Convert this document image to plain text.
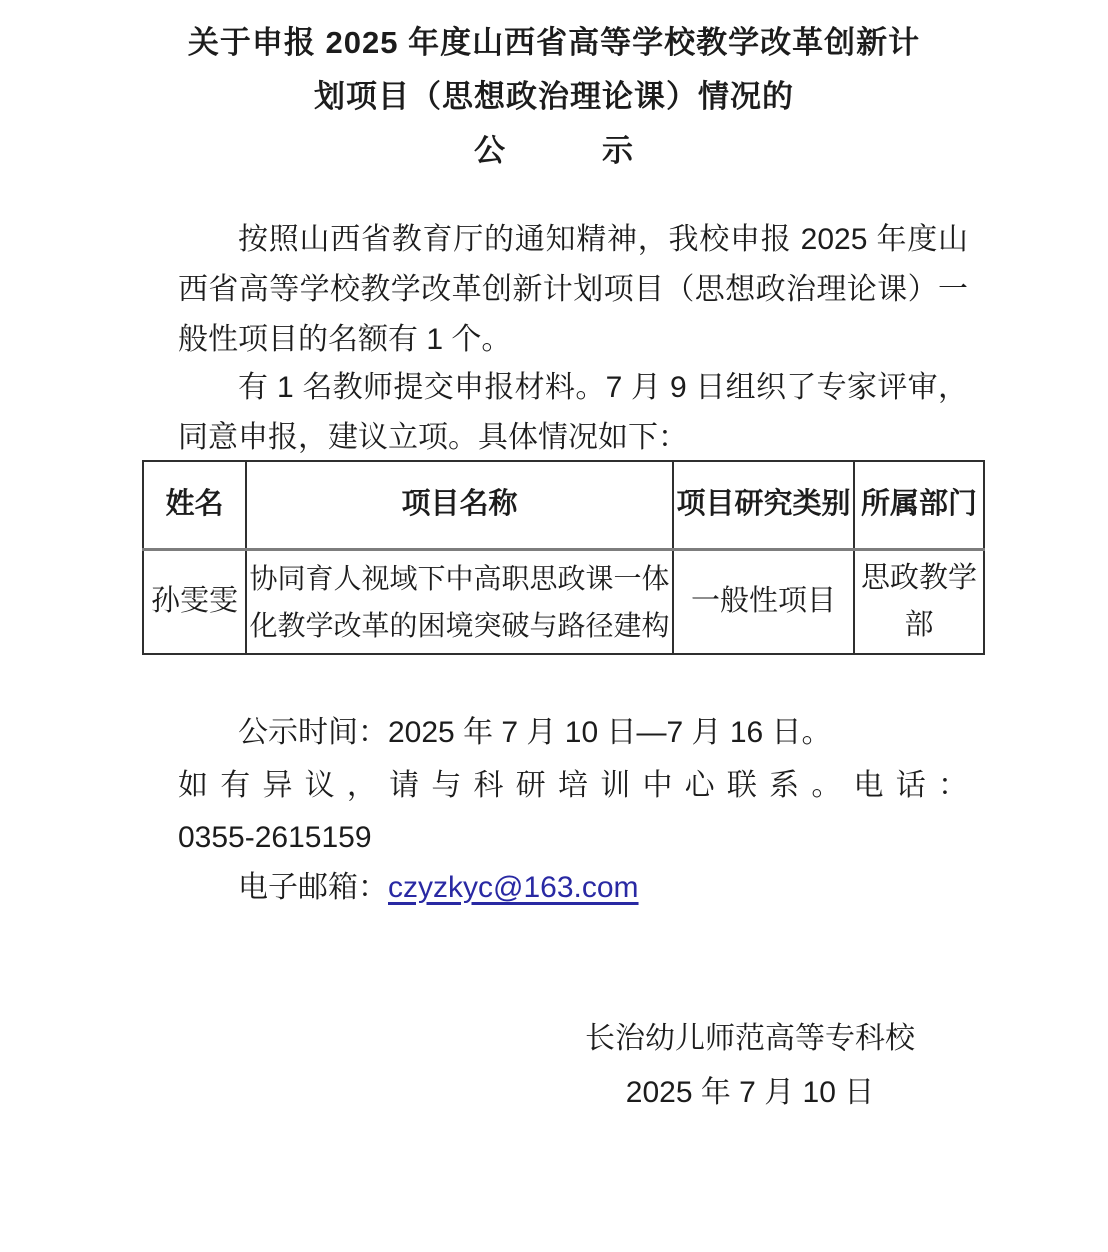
关于申报 2025 年度山西省高等学校教学改革创新计
划项目（思想政治理论课）情况的
公　　　示
按照山西省教育厅的通知精神，我校申报 2025 年度山西省高等学校教学改革创新计划项目（思想政治理论课）一般性项目的名额有 1 个。
有 1 名教师提交申报材料。7 月 9 日组织了专家评审，同意申报，建议立项。具体情况如下：
姓名	项目名称	项目研究类别	所属部门
孙雯雯	协同育人视域下中高职思政课一体化教学改革的困境突破与路径建构	一般性项目	思政教学部
公示时间：2025 年 7 月 10 日—7 月 16 日。
如有异议，请与科研培训中心联系。电话：
0355-2615159
电子邮箱：czyzkyc@163.com
长治幼儿师范高等专科校
2025 年 7 月 10 日
